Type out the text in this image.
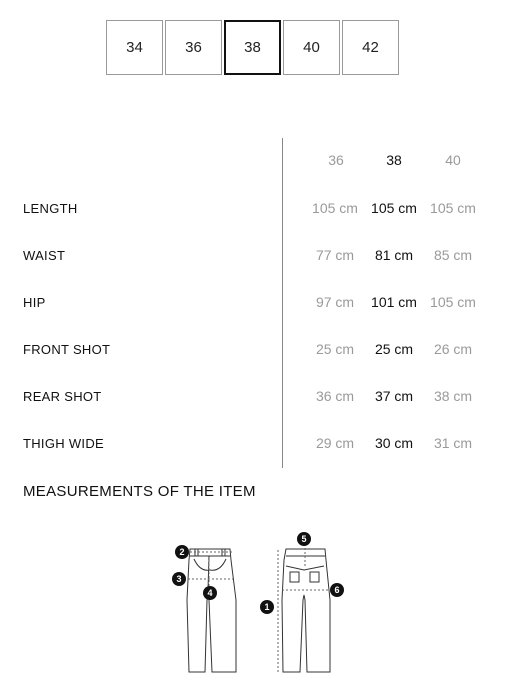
34	36	38	40	42
36	38	40
LENGTH	105 cm 105 cm 105 cm
WAIST	77 cm	81 cm	85 cm
HIP	97 cm	101 cm 105 cm
FRONT SHOT	25 cm	25 cm	26 cm
REAR SHOT	36 cm	37 cm	38 cm
THIGH WIDE	29 cm	30 cm	31 cm
MEASUREMENTS OF THE ITEM
1
2
3
4
5
6
